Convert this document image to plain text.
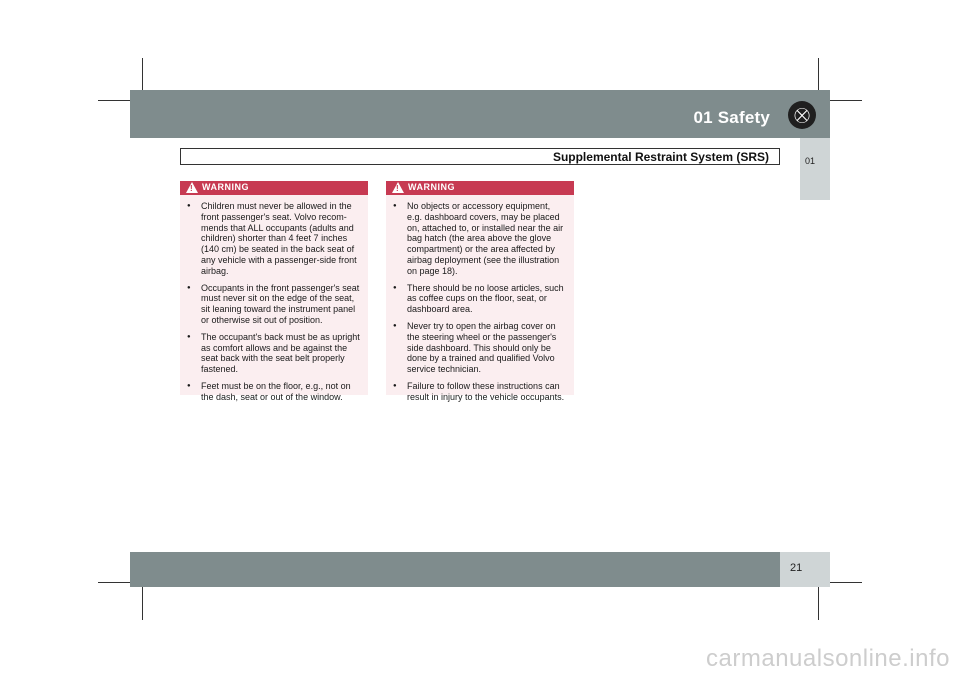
01 Safety	⛒
01
Supplemental Restraint System (SRS)
!
WARNING
● Children must never be allowed in the front passenger's seat. Volvo recom-mends that ALL occupants (adults and children) shorter than 4 feet 7 inches (140 cm) be seated in the back seat of any vehicle with a passenger-side front airbag.
● Occupants in the front passenger's seat must never sit on the edge of the seat, sit leaning toward the instrument panel or otherwise sit out of position.
● The occupant's back must be as upright as comfort allows and be against the seat back with the seat belt properly fastened.
● Feet must be on the floor, e.g., not on the dash, seat or out of the window.
!
WARNING
● No objects or accessory equipment, e.g. dashboard covers, may be placed on, attached to, or installed near the air bag hatch (the area above the glove compartment) or the area affected by airbag deployment (see the illustration on page 18).
● There should be no loose articles, such as coffee cups on the floor, seat, or dashboard area.
● Never try to open the airbag cover on the steering wheel or the passenger's side dashboard. This should only be done by a trained and qualified Volvo service technician.
● Failure to follow these instructions can result in injury to the vehicle occupants.
21
carmanualsonline.info
